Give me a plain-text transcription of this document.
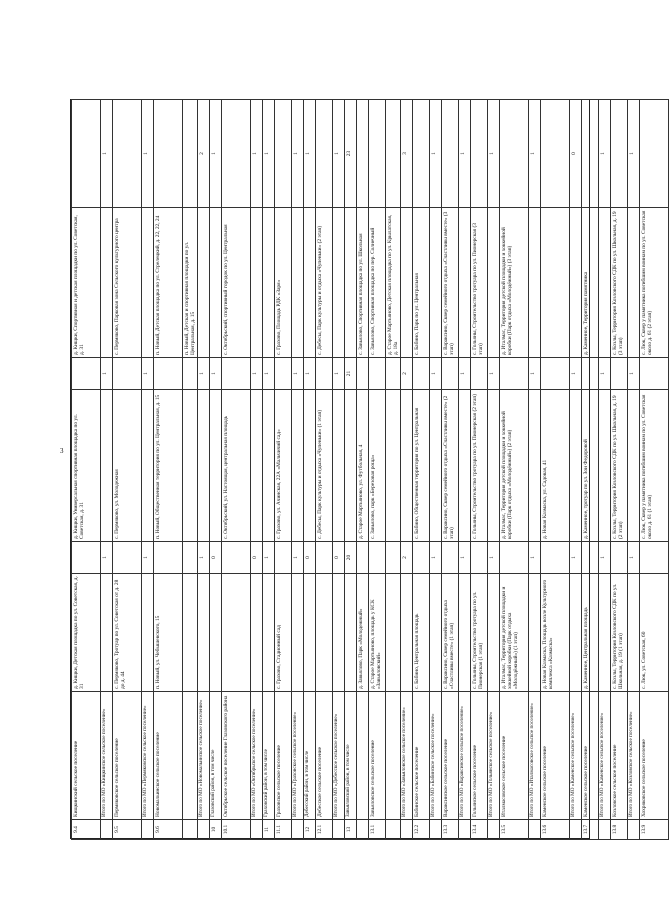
3
9.4	Кищкинский сельское поселение	д. Кищки, Детская площадка по ул. Советская, д. 31		д. Кищки, Универсальная спортивная площадка по ул. Советская, д. 31		д. Кищки, Спортивная и детская площадки по ул. Советская, д. 31	
	Итого по МО «Кищкинское сельское поселение»		1		1		1
9.5	Пермяковское сельское поселение	с. Пермяково, Тротуар по ул. Советская от д. 28 до д. 44		с. Пермяково, ул. Молодежная		с. Пермяково, Парковая зона Сельского культурного центра	
	Итого по МО «Пермяковское сельское поселение»		1		1		1
9.6	Новомальинское сельское поселение	п. Новый, ул. Чебышевского, 15		п. Новый, Общественная территория по ул. Центральная, д. 15		п. Новый, Детская площадка по ул. Стрелецкий, д. 22, 22, 24	
						п. Новый, Детская и спортивная площадки по ул. Центральная, д. 15	
	Итого по МО «Новомальинское сельское поселение»		1		1		2
10	Глазовский район, в том числе		0		1		1
10.1	Октябрьское сельское поселение Глазовского района			с. Октябрьский, ул. Настоящая, центральная площадь		с. Октябрьский, спортивный городок по ул. Центральная	
	Итого по МО «Октябрьское сельское поселение»		0		1		1
11	Граховский район, в том числе		1		1		1
11.1	Граховское сельское поселение	с. Грахово, Стадионный сад		с. Грахово, ул. Ачинская, 22А «Мальчичий сад»		с. Грахово, Площадь РДК «Заря»	
	Итого по МО «Граховское сельское поселение»		1		1		1
12	Дебесский район, в том числе		0		1		1
12.1	Дебесское сельское поселение			с. Дебесы, Парк культуры и отдыха «Чупеньки» (1 этап)		с. Дебесы, Парк культуры и отдыха «Чупеньки» (2 этап)	
	Итого по МО «Дебесское сельское поселение»		0		1		1
13	Завьяловский район, в том числе		20		21		23
		д. Завьялово, Парк «Молодежный»		д. Старое Мартьяново, ул. Футбольная, 4		с. Завьялово, Спортивная площадка по ул. Школьная	
13.1	Завьяловское сельское поселение	д. Старое Мартьяново, площадь у КСК «Завьяловский»		с. Завьялово, парк «Березовая роща»		с. Завьялово, Спортивная площадка по пер. Солнечный	
						д. Старое Мартьяново, Детская площадка по ул. Крылатская, д. 18а	
	Итого по МО «Завьяловское сельское поселение»		2		2		3
12.2	Бабинское сельское поселение	с. Бабино, Центральная площадь		с. Бабино, Общественная территория по ул. Центральная		с. Бабино, Парк по ул. Центральная	
	Итого по МО «Бабинское сельское поселение»		1		1		1
13.3	Вараксинское сельское поселение	с. Вараксино, Сквер семейного отдыха «Счастливы вместе» (1 этап)		с. Вараксино, Сквер семейного отдыха «Счастливы вместе» (2 этап)		с. Вараксино, Сквер семейного отдыха «Счастливы вместе» (3 этап)	
	Итого по МО «Вараксинское сельское поселение»		1		1		1
13.4	Гольянское сельское поселение	с. Гольяны, Строительство тротуара по ул. Пионерская (1 этап)		с. Гольяны, Строительство тротуара по ул. Пионерская (2 этап)		с. Гольяны, Строительство тротуара по ул. Пионерская (3 этап)	
	Итого по МО «Гольянское сельское поселение»		1		1		1
13.5	Италмасовское сельское поселение	д. Италмас, Территория детской площадки и хоккейной коробки (Парк отдыха «Молодёжный») (1 этап)		д. Италмас, Территория детской площадки и хоккейной коробки (Парк отдыха «Молодёжный») (2 этап)		д. Италмас, Территория детской площадки и хоккейной коробки (Парк отдыха «Молодёжный») (3 этап)	
	Итого по МО «Италмасовское сельское поселение»		1		1		1
13.6	Каменское сельское поселение	д. Новая Казмаска, Площадь возле Культурного комплекса «Казмаска»		д. Новая Казмаска, ул. Садовая, 41			
	Итого по МО «Каменское сельское поселение»		1		1		0
13.7	Каменское сельское поселение	д. Каменное, Центральная площадь		д. Каменное, тротуар по ул. Зои Федоровой		д. Каменное, Территория памятника	
	Итого по МО «Каменское сельское поселение»		1		1		1
13.8	Козловское сельское поселение	с. Козлы, Территория Козловского СДК по ул. Школьная, д. 19 (1 этап)		с. Козлы, Территория Козловского СДК по ул. Школьная, д. 19 (2 этап)		с. Козлы, Территория Козловского СДК по ул. Школьная, д. 19 (3 этап)	
	Итого по МО «Козловское сельское поселение»		1		1		1
13.9	Хохряковское сельское поселение	с. Люк, ул. Советская, 60		с. Люк, Сквер у памятника погибшим воинам по ул. Советская около д. 61 (1 этап)		с. Люк, Сквер у памятника погибшим воинам по ул. Советская около д. 61 (2 этап)	
